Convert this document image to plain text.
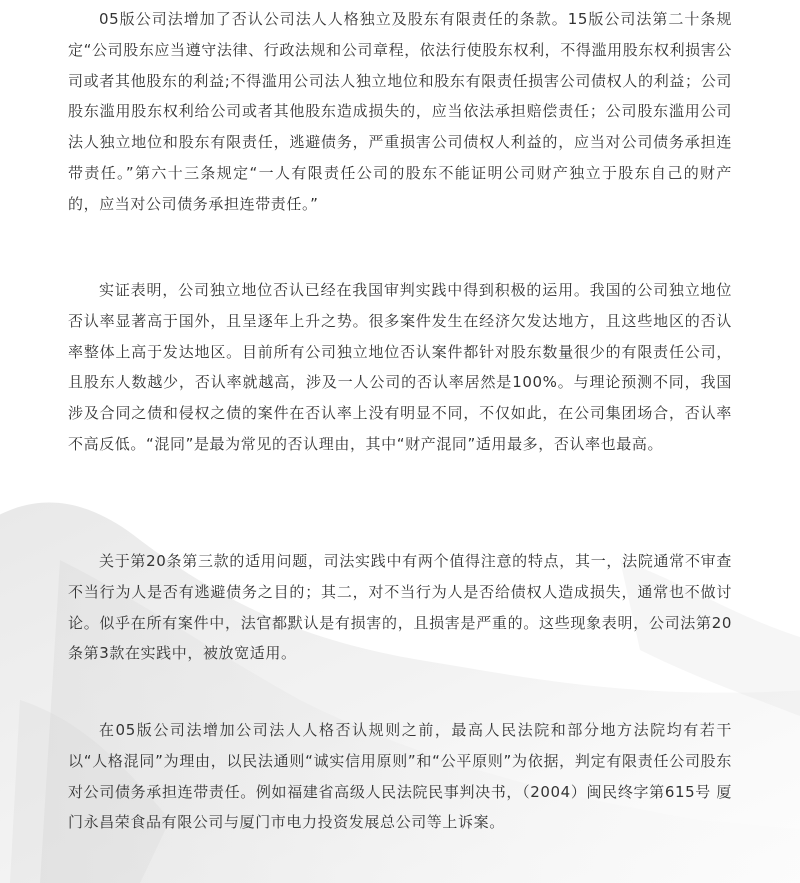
05版公司法增加了否认公司法人人格独立及股东有限责任的条款。15版公司法第二十条规定“公司股东应当遵守法律、行政法规和公司章程，依法行使股东权利，不得滥用股东权利损害公司或者其他股东的利益;不得滥用公司法人独立地位和股东有限责任损害公司债权人的利益；公司股东滥用股东权利给公司或者其他股东造成损失的，应当依法承担赔偿责任；公司股东滥用公司法人独立地位和股东有限责任，逃避债务，严重损害公司债权人利益的，应当对公司债务承担连带责任。”第六十三条规定“一人有限责任公司的股东不能证明公司财产独立于股东自己的财产的，应当对公司债务承担连带责任。”

实证表明，公司独立地位否认已经在我国审判实践中得到积极的运用。我国的公司独立地位否认率显著高于国外，且呈逐年上升之势。很多案件发生在经济欠发达地方，且这些地区的否认率整体上高于发达地区。目前所有公司独立地位否认案件都针对股东数量很少的有限责任公司，且股东人数越少，否认率就越高，涉及一人公司的否认率居然是100%。与理论预测不同，我国涉及合同之债和侵权之债的案件在否认率上没有明显不同，不仅如此，在公司集团场合，否认率不高反低。“混同”是最为常见的否认理由，其中“财产混同”适用最多，否认率也最高。

关于第20条第三款的适用问题，司法实践中有两个值得注意的特点，其一，法院通常不审查不当行为人是否有逃避债务之目的；其二，对不当行为人是否给债权人造成损失，通常也不做讨论。似乎在所有案件中，法官都默认是有损害的，且损害是严重的。这些现象表明，公司法第20条第3款在实践中，被放宽适用。

在05版公司法增加公司法人人格否认规则之前，最高人民法院和部分地方法院均有若干以“人格混同”为理由，以民法通则“诚实信用原则”和“公平原则”为依据，判定有限责任公司股东对公司债务承担连带责任。例如福建省高级人民法院民事判决书，（2004）闽民终字第615号 厦门永昌荣食品有限公司与厦门市电力投资发展总公司等上诉案。
